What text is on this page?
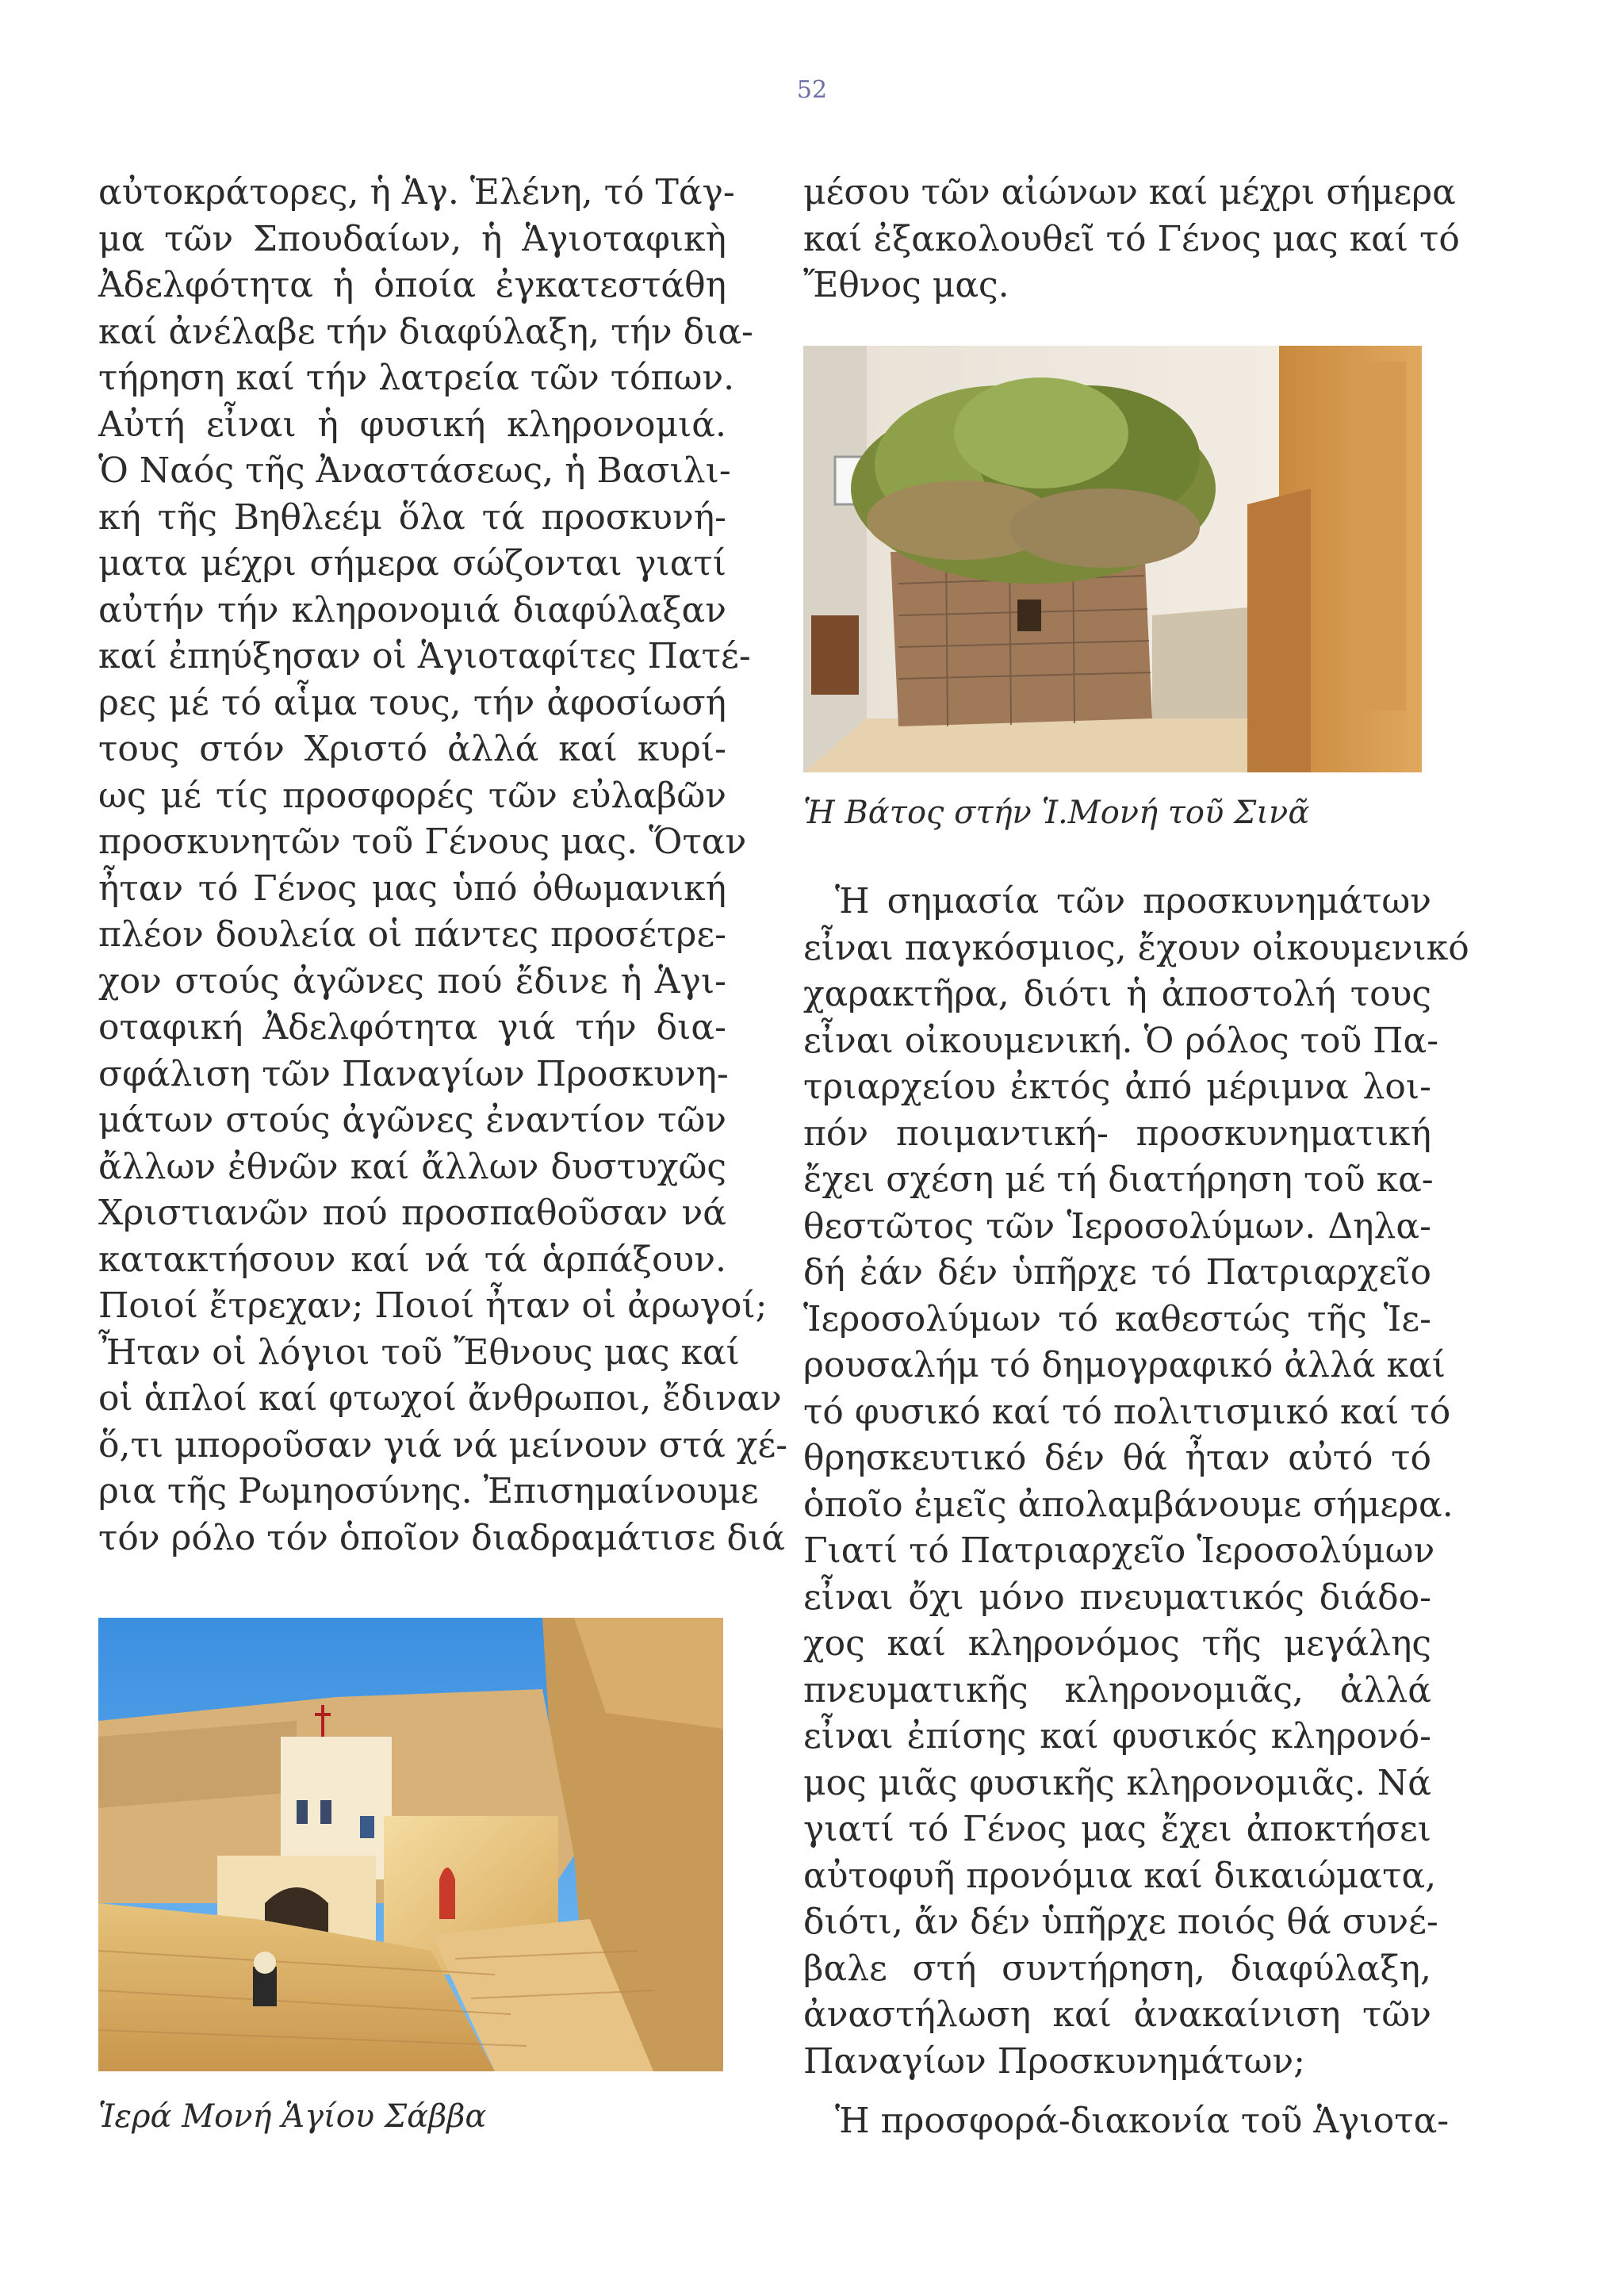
52
αὐτοκράτορες, ἡ Ἁγ. Ἑλένη, τό Τάγ-
μα τῶν Σπουδαίων, ἡ Ἁγιοταφικὴ
Ἀδελφότητα ἡ ὁποία ἐγκατεστάθη
καί ἀνέλαβε τήν διαφύλαξη, τήν δια-
τήρηση καί τήν λατρεία τῶν τόπων.
Αὐτή εἶναι ἡ φυσική κληρονομιά.
Ὁ Ναός τῆς Ἀναστάσεως, ἡ Βασιλι-
κή τῆς Βηθλεέμ ὅλα τά προσκυνή-
ματα μέχρι σήμερα σώζονται γιατί
αὐτήν τήν κληρονομιά διαφύλαξαν
καί ἐπηύξησαν οἱ Ἁγιοταφίτες Πατέ-
ρες μέ τό αἷμα τους, τήν ἀφοσίωσή
τους στόν Χριστό ἀλλά καί κυρί-
ως μέ τίς προσφορές τῶν εὐλαβῶν
προσκυνητῶν τοῦ Γένους μας. Ὅταν
ἦταν τό Γένος μας ὑπό ὀθωμανική
πλέον δουλεία οἱ πάντες προσέτρε-
χον στούς ἀγῶνες πού ἔδινε ἡ Ἁγι-
οταφική Ἀδελφότητα γιά τήν δια-
σφάλιση τῶν Παναγίων Προσκυνη-
μάτων στούς ἀγῶνες ἐναντίον τῶν
ἄλλων ἐθνῶν καί ἄλλων δυστυχῶς
Χριστιανῶν πού προσπαθοῦσαν νά
κατακτήσουν καί νά τά ἁρπάξουν.
Ποιοί ἔτρεχαν; Ποιοί ἦταν οἱ ἀρωγοί;
Ἦταν οἱ λόγιοι τοῦ Ἔθνους μας καί
οἱ ἁπλοί καί φτωχοί ἄνθρωποι, ἔδιναν
ὅ,τι μποροῦσαν γιά νά μείνουν στά χέ-
ρια τῆς Ρωμηοσύνης. Ἐπισημαίνουμε
τόν ρόλο τόν ὁποῖον διαδραμάτισε διά
Ἱερά Μονή Ἁγίου Σάββα
μέσου τῶν αἰώνων καί μέχρι σήμερα
καί ἐξακολουθεῖ τό Γένος μας καί τό
Ἔθνος μας.
Ἡ Βάτος στήν Ἱ.Μονή τοῦ Σινᾶ
Ἡ σημασία τῶν προσκυνημάτων
εἶναι παγκόσμιος, ἔχουν οἰκουμενικό
χαρακτῆρα, διότι ἡ ἀποστολή τους
εἶναι οἰκουμενική. Ὁ ρόλος τοῦ Πα-
τριαρχείου ἐκτός ἀπό μέριμνα λοι-
πόν ποιμαντική- προσκυνηματική
ἔχει σχέση μέ τή διατήρηση τοῦ κα-
θεστῶτος τῶν Ἱεροσολύμων. Δηλα-
δή ἐάν δέν ὑπῆρχε τό Πατριαρχεῖο
Ἱεροσολύμων τό καθεστώς τῆς Ἱε-
ρουσαλήμ τό δημογραφικό ἀλλά καί
τό φυσικό καί τό πολιτισμικό καί τό
θρησκευτικό δέν θά ἦταν αὐτό τό
ὁποῖο ἐμεῖς ἀπολαμβάνουμε σήμερα.
Γιατί τό Πατριαρχεῖο Ἱεροσολύμων
εἶναι ὄχι μόνο πνευματικός διάδο-
χος καί κληρονόμος τῆς μεγάλης
πνευματικῆς κληρονομιᾶς, ἀλλά
εἶναι ἐπίσης καί φυσικός κληρονό-
μος μιᾶς φυσικῆς κληρονομιᾶς. Νά
γιατί τό Γένος μας ἔχει ἀποκτήσει
αὐτοφυῆ προνόμια καί δικαιώματα,
διότι, ἄν δέν ὑπῆρχε ποιός θά συνέ-
βαλε στή συντήρηση, διαφύλαξη,
ἀναστήλωση καί ἀνακαίνιση τῶν
Παναγίων Προσκυνημάτων;
Ἡ προσφορά-διακονία τοῦ Ἁγιοτα-
